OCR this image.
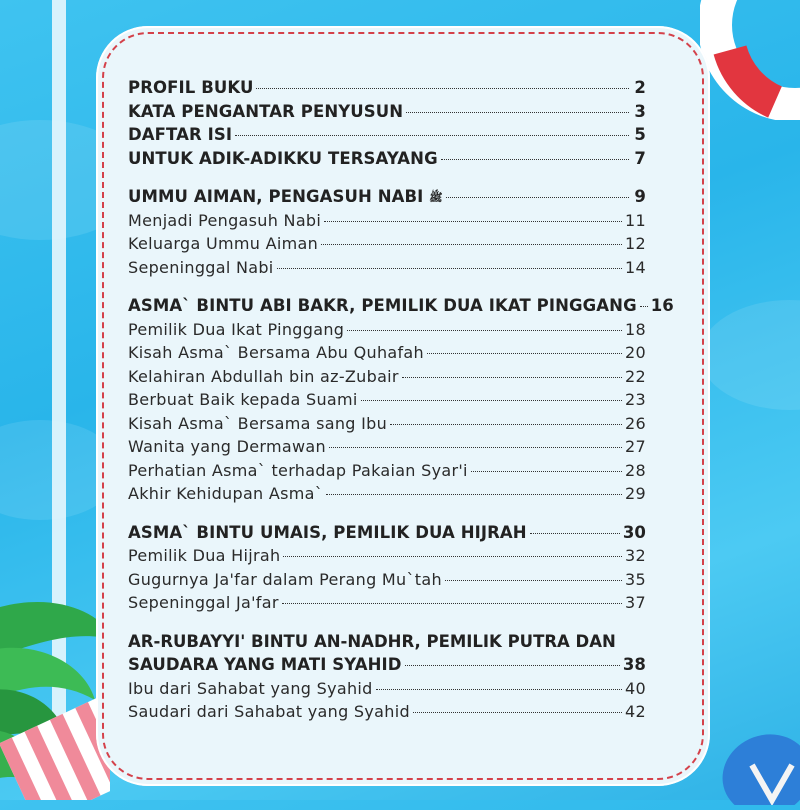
PROFIL BUKU	2
KATA PENGANTAR PENYUSUN	3
DAFTAR ISI	5
UNTUK ADIK-ADIKKU TERSAYANG	7
UMMU AIMAN, PENGASUH NABI ﷺ	9
Menjadi Pengasuh Nabi	11
Keluarga Ummu Aiman	12
Sepeninggal Nabi	14
ASMA` BINTU ABI BAKR, PEMILIK DUA IKAT PINGGANG 16
Pemilik Dua Ikat Pinggang	18
Kisah Asma` Bersama Abu Quhafah	20
Kelahiran Abdullah bin az-Zubair	22
Berbuat Baik kepada Suami	23
Kisah Asma` Bersama sang Ibu	26
Wanita yang Dermawan	27
Perhatian Asma` terhadap Pakaian Syar'i	28
Akhir Kehidupan Asma`	29
ASMA` BINTU UMAIS, PEMILIK DUA HIJRAH	30
Pemilik Dua Hijrah	32
Gugurnya Ja'far dalam Perang Mu`tah	35
Sepeninggal Ja'far	37
AR-RUBAYYI' BINTU AN-NADHR, PEMILIK PUTRA DAN
SAUDARA YANG MATI SYAHID	38
Ibu dari Sahabat yang Syahid	40
Saudari dari Sahabat yang Syahid	42
